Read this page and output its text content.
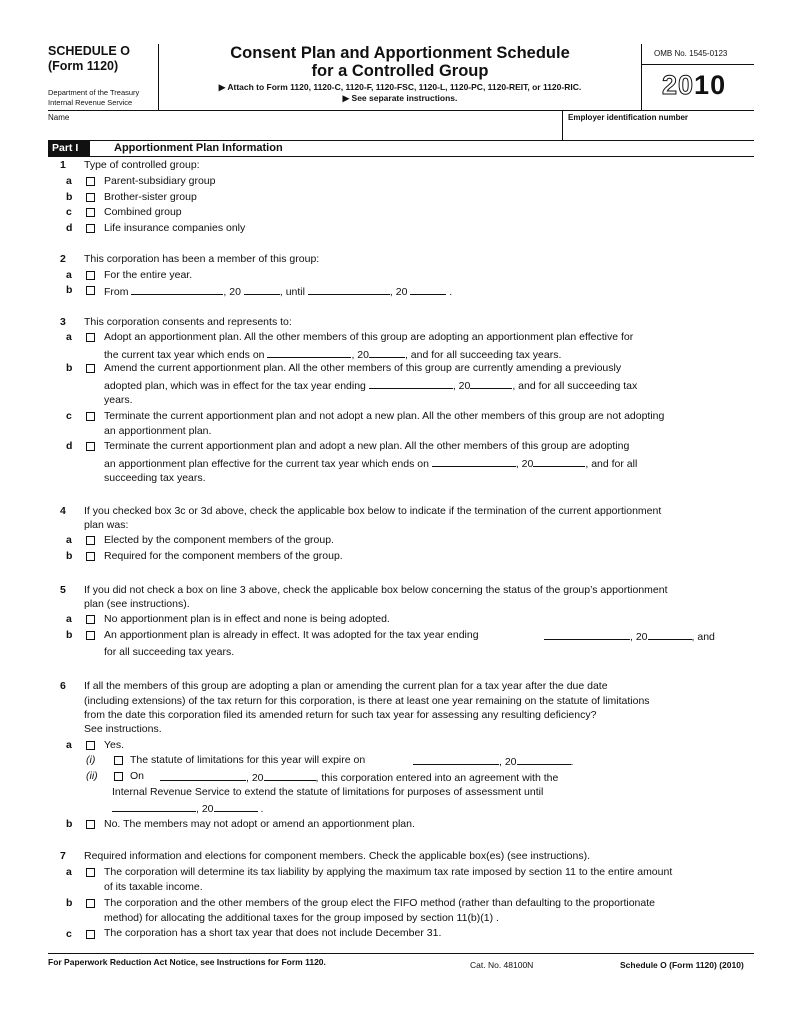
SCHEDULE O
(Form 1120)
Department of the Treasury
Internal Revenue Service
Consent Plan and Apportionment Schedule
for a Controlled Group
▶ Attach to Form 1120, 1120-C, 1120-F, 1120-FSC, 1120-L, 1120-PC, 1120-REIT, or 1120-RIC.
▶ See separate instructions.
OMB No. 1545-0123
2010
Name	Employer identification number
Part I	Apportionment Plan Information
1 Type of controlled group:
a	Parent-subsidiary group
b	Brother-sister group
c	Combined group
d	Life insurance companies only
2 This corporation has been a member of this group:
a	For the entire year.
b	From	, 20	, until	, 20	.
3 This corporation consents and represents to:
a	Adopt an apportionment plan. All the other members of this group are adopting an apportionment plan effective for
the current tax year which ends on	, 20	, and for all succeeding tax years.
b	Amend the current apportionment plan. All the other members of this group are currently amending a previously
adopted plan, which was in effect for the tax year ending	, 20	, and for all succeeding tax
years.
c	Terminate the current apportionment plan and not adopt a new plan. All the other members of this group are not adopting
an apportionment plan.
d	Terminate the current apportionment plan and adopt a new plan. All the other members of this group are adopting
an apportionment plan effective for the current tax year which ends on	, 20	, and for all
succeeding tax years.
4 If you checked box 3c or 3d above, check the applicable box below to indicate if the termination of the current apportionment
plan was:
a	Elected by the component members of the group.
b	Required for the component members of the group.
5 If you did not check a box on line 3 above, check the applicable box below concerning the status of the group’s apportionment
plan (see instructions).
a	No apportionment plan is in effect and none is being adopted.
b	An apportionment plan is already in effect. It was adopted for the tax year ending	, 20	, and
for all succeeding tax years.
6 If all the members of this group are adopting a plan or amending the current plan for a tax year after the due date
(including extensions) of the tax return for this corporation, is there at least one year remaining on the statute of limitations
from the date this corporation filed its amended return for such tax year for assessing any resulting deficiency?
See instructions.
a	Yes.
(i)	The statute of limitations for this year will expire on	, 20	.
(ii)	On	, 20	, this corporation entered into an agreement with the
Internal Revenue Service to extend the statute of limitations for purposes of assessment until
, 20	.
b	No. The members may not adopt or amend an apportionment plan.
7 Required information and elections for component members. Check the applicable box(es) (see instructions).
a	The corporation will determine its tax liability by applying the maximum tax rate imposed by section 11 to the entire amount
of its taxable income.
b	The corporation and the other members of the group elect the FIFO method (rather than defaulting to the proportionate
method) for allocating the additional taxes for the group imposed by section 11(b)(1) .
c	The corporation has a short tax year that does not include December 31.
For Paperwork Reduction Act Notice, see Instructions for Form 1120.	Cat. No. 48100N	Schedule O (Form 1120) (2010)
